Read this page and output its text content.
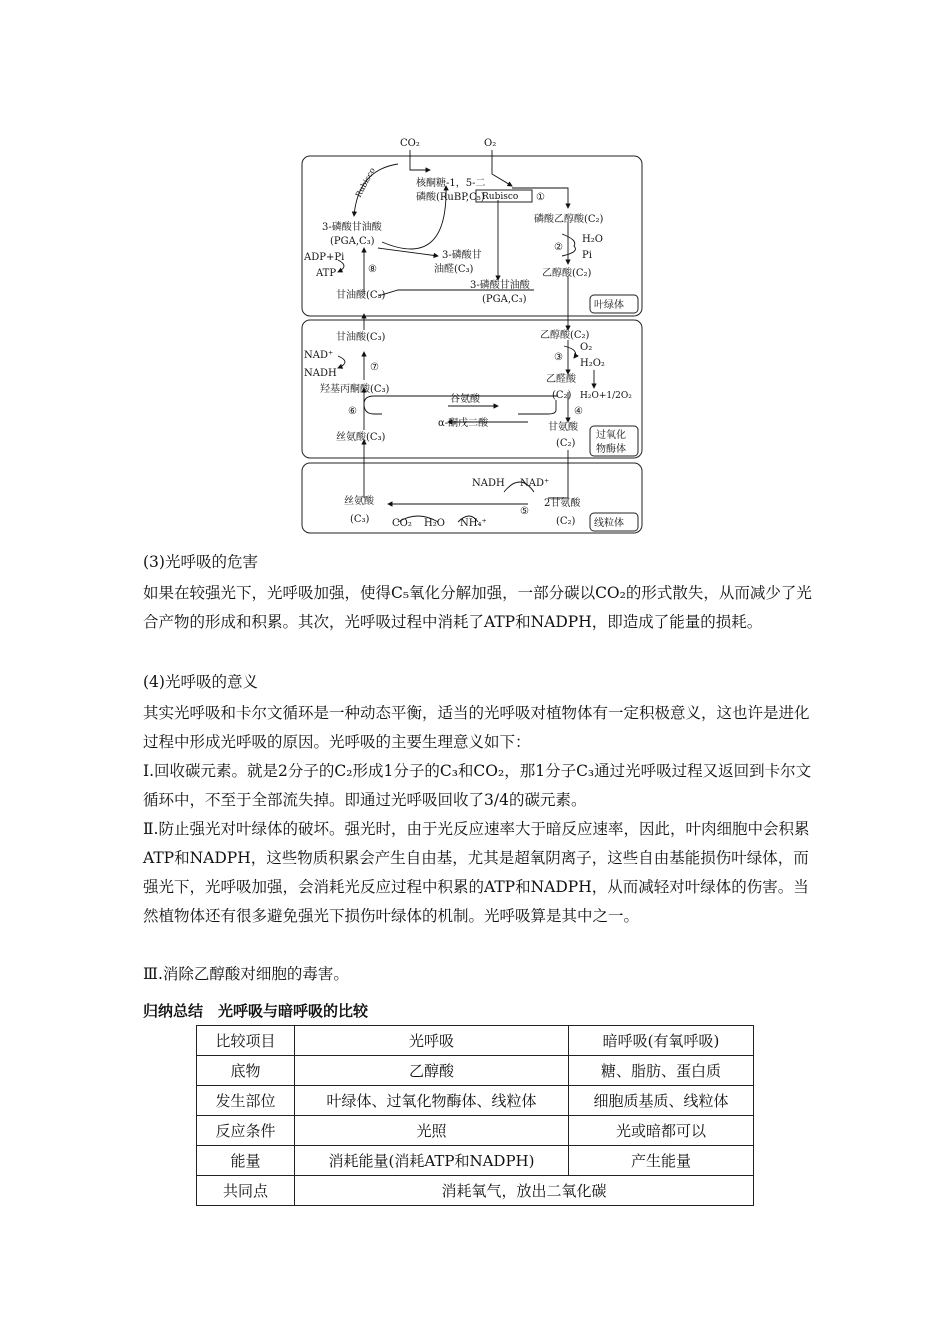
CO₂	O₂
核酮糖-1，5-二
磷酸(RuBP,C₅)
Rubisco	Rubisco ①
磷酸乙醇酸(C₂)
②
H₂O
Pi
乙醇酸(C₂)
3-磷酸甘油酸
(PGA,C₃)
3-磷酸甘
油醛(C₃)
3-磷酸甘油酸
(PGA,C₃)
ADP+Pi
ATP	⑧
甘油酸(C₃)
叶绿体
甘油酸(C₃)
NAD⁺
NADH
⑦
羟基丙酮酸(C₃)
⑥
谷氨酸
α-酮戊二酸
丝氨酸(C₃)
乙醇酸(C₂)
③
O₂
H₂O₂
乙醛酸
(C₂) H₂O+1/2O₂
④
甘氨酸
(C₂)
过氧化
物酶体
NADH NAD⁺
2甘氨酸
(C₂)
⑤
丝氨酸
(C₃) CO₂ H₂O NH₄⁺	线粒体
(3)光呼吸的危害
如果在较强光下，光呼吸加强，使得C₅氧化分解加强，一部分碳以CO₂的形式散失，从而减少了光合产物的形成和积累。其次，光呼吸过程中消耗了ATP和NADPH，即造成了能量的损耗。
(4)光呼吸的意义
其实光呼吸和卡尔文循环是一种动态平衡，适当的光呼吸对植物体有一定积极意义，这也许是进化过程中形成光呼吸的原因。光呼吸的主要生理意义如下：
Ⅰ.回收碳元素。就是2分子的C₂形成1分子的C₃和CO₂，那1分子C₃通过光呼吸过程又返回到卡尔文循环中，不至于全部流失掉。即通过光呼吸回收了3/4的碳元素。
Ⅱ.防止强光对叶绿体的破坏。强光时，由于光反应速率大于暗反应速率，因此，叶肉细胞中会积累ATP和NADPH，这些物质积累会产生自由基，尤其是超氧阴离子，这些自由基能损伤叶绿体，而强光下，光呼吸加强，会消耗光反应过程中积累的ATP和NADPH，从而减轻对叶绿体的伤害。当然植物体还有很多避免强光下损伤叶绿体的机制。光呼吸算是其中之一。
Ⅲ.消除乙醇酸对细胞的毒害。
归纳总结　光呼吸与暗呼吸的比较
比较项目	光呼吸	暗呼吸(有氧呼吸)
底物	乙醇酸	糖、脂肪、蛋白质
发生部位	叶绿体、过氧化物酶体、线粒体	细胞质基质、线粒体
反应条件	光照	光或暗都可以
能量	消耗能量(消耗ATP和NADPH)	产生能量
共同点	消耗氧气，放出二氧化碳	
